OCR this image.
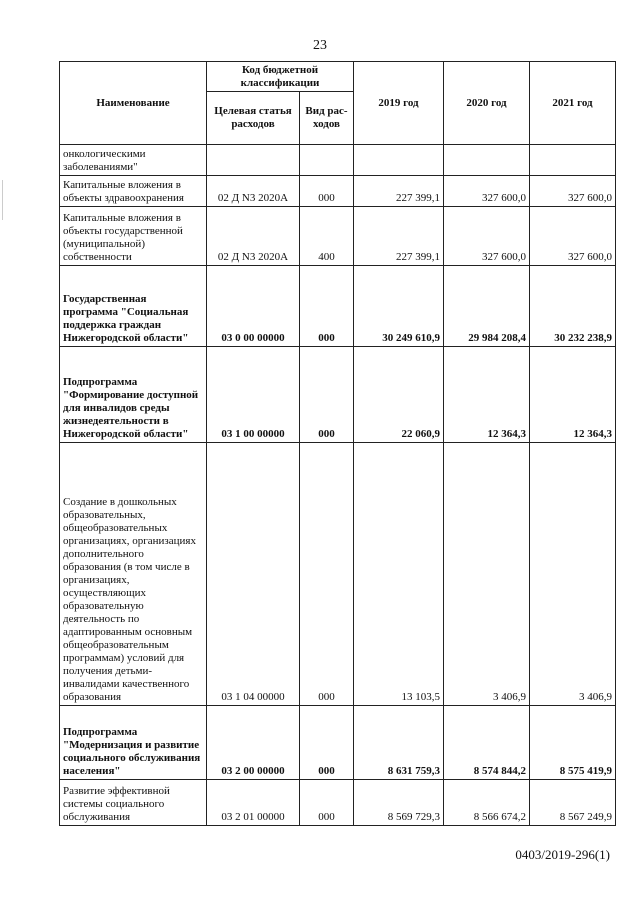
23
Наименование	Код бюджетной классификации		2019 год	2020 год	2021 год
	Целевая статья расходов	Вид рас-ходов			
онкологическими заболеваниями"					
Капитальные вложения в объекты здравоохранения	02 Д N3 2020А	000	227 399,1	327 600,0	327 600,0
Капитальные вложения в объекты государственной (муниципальной) собственности	02 Д N3 2020А	400	227 399,1	327 600,0	327 600,0
Государственная программа "Социальная поддержка граждан Нижегородской области"	03 0 00 00000	000	30 249 610,9	29 984 208,4	30 232 238,9
Подпрограмма "Формирование доступной для инвалидов среды жизнедеятельности в Нижегородской области"	03 1 00 00000	000	22 060,9	12 364,3	12 364,3
Создание в дошкольных образовательных, общеобразовательных организациях, организациях дополнительного образования (в том числе в организациях, осуществляющих образовательную деятельность по адаптированным основным общеобразовательным программам) условий для получения детьми-инвалидами качественного образования	03 1 04 00000	000	13 103,5	3 406,9	3 406,9
Подпрограмма "Модернизация и развитие социального обслуживания населения"	03 2 00 00000	000	8 631 759,3	8 574 844,2	8 575 419,9
Развитие эффективной системы социального обслуживания	03 2 01 00000	000	8 569 729,3	8 566 674,2	8 567 249,9
0403/2019-296(1)
